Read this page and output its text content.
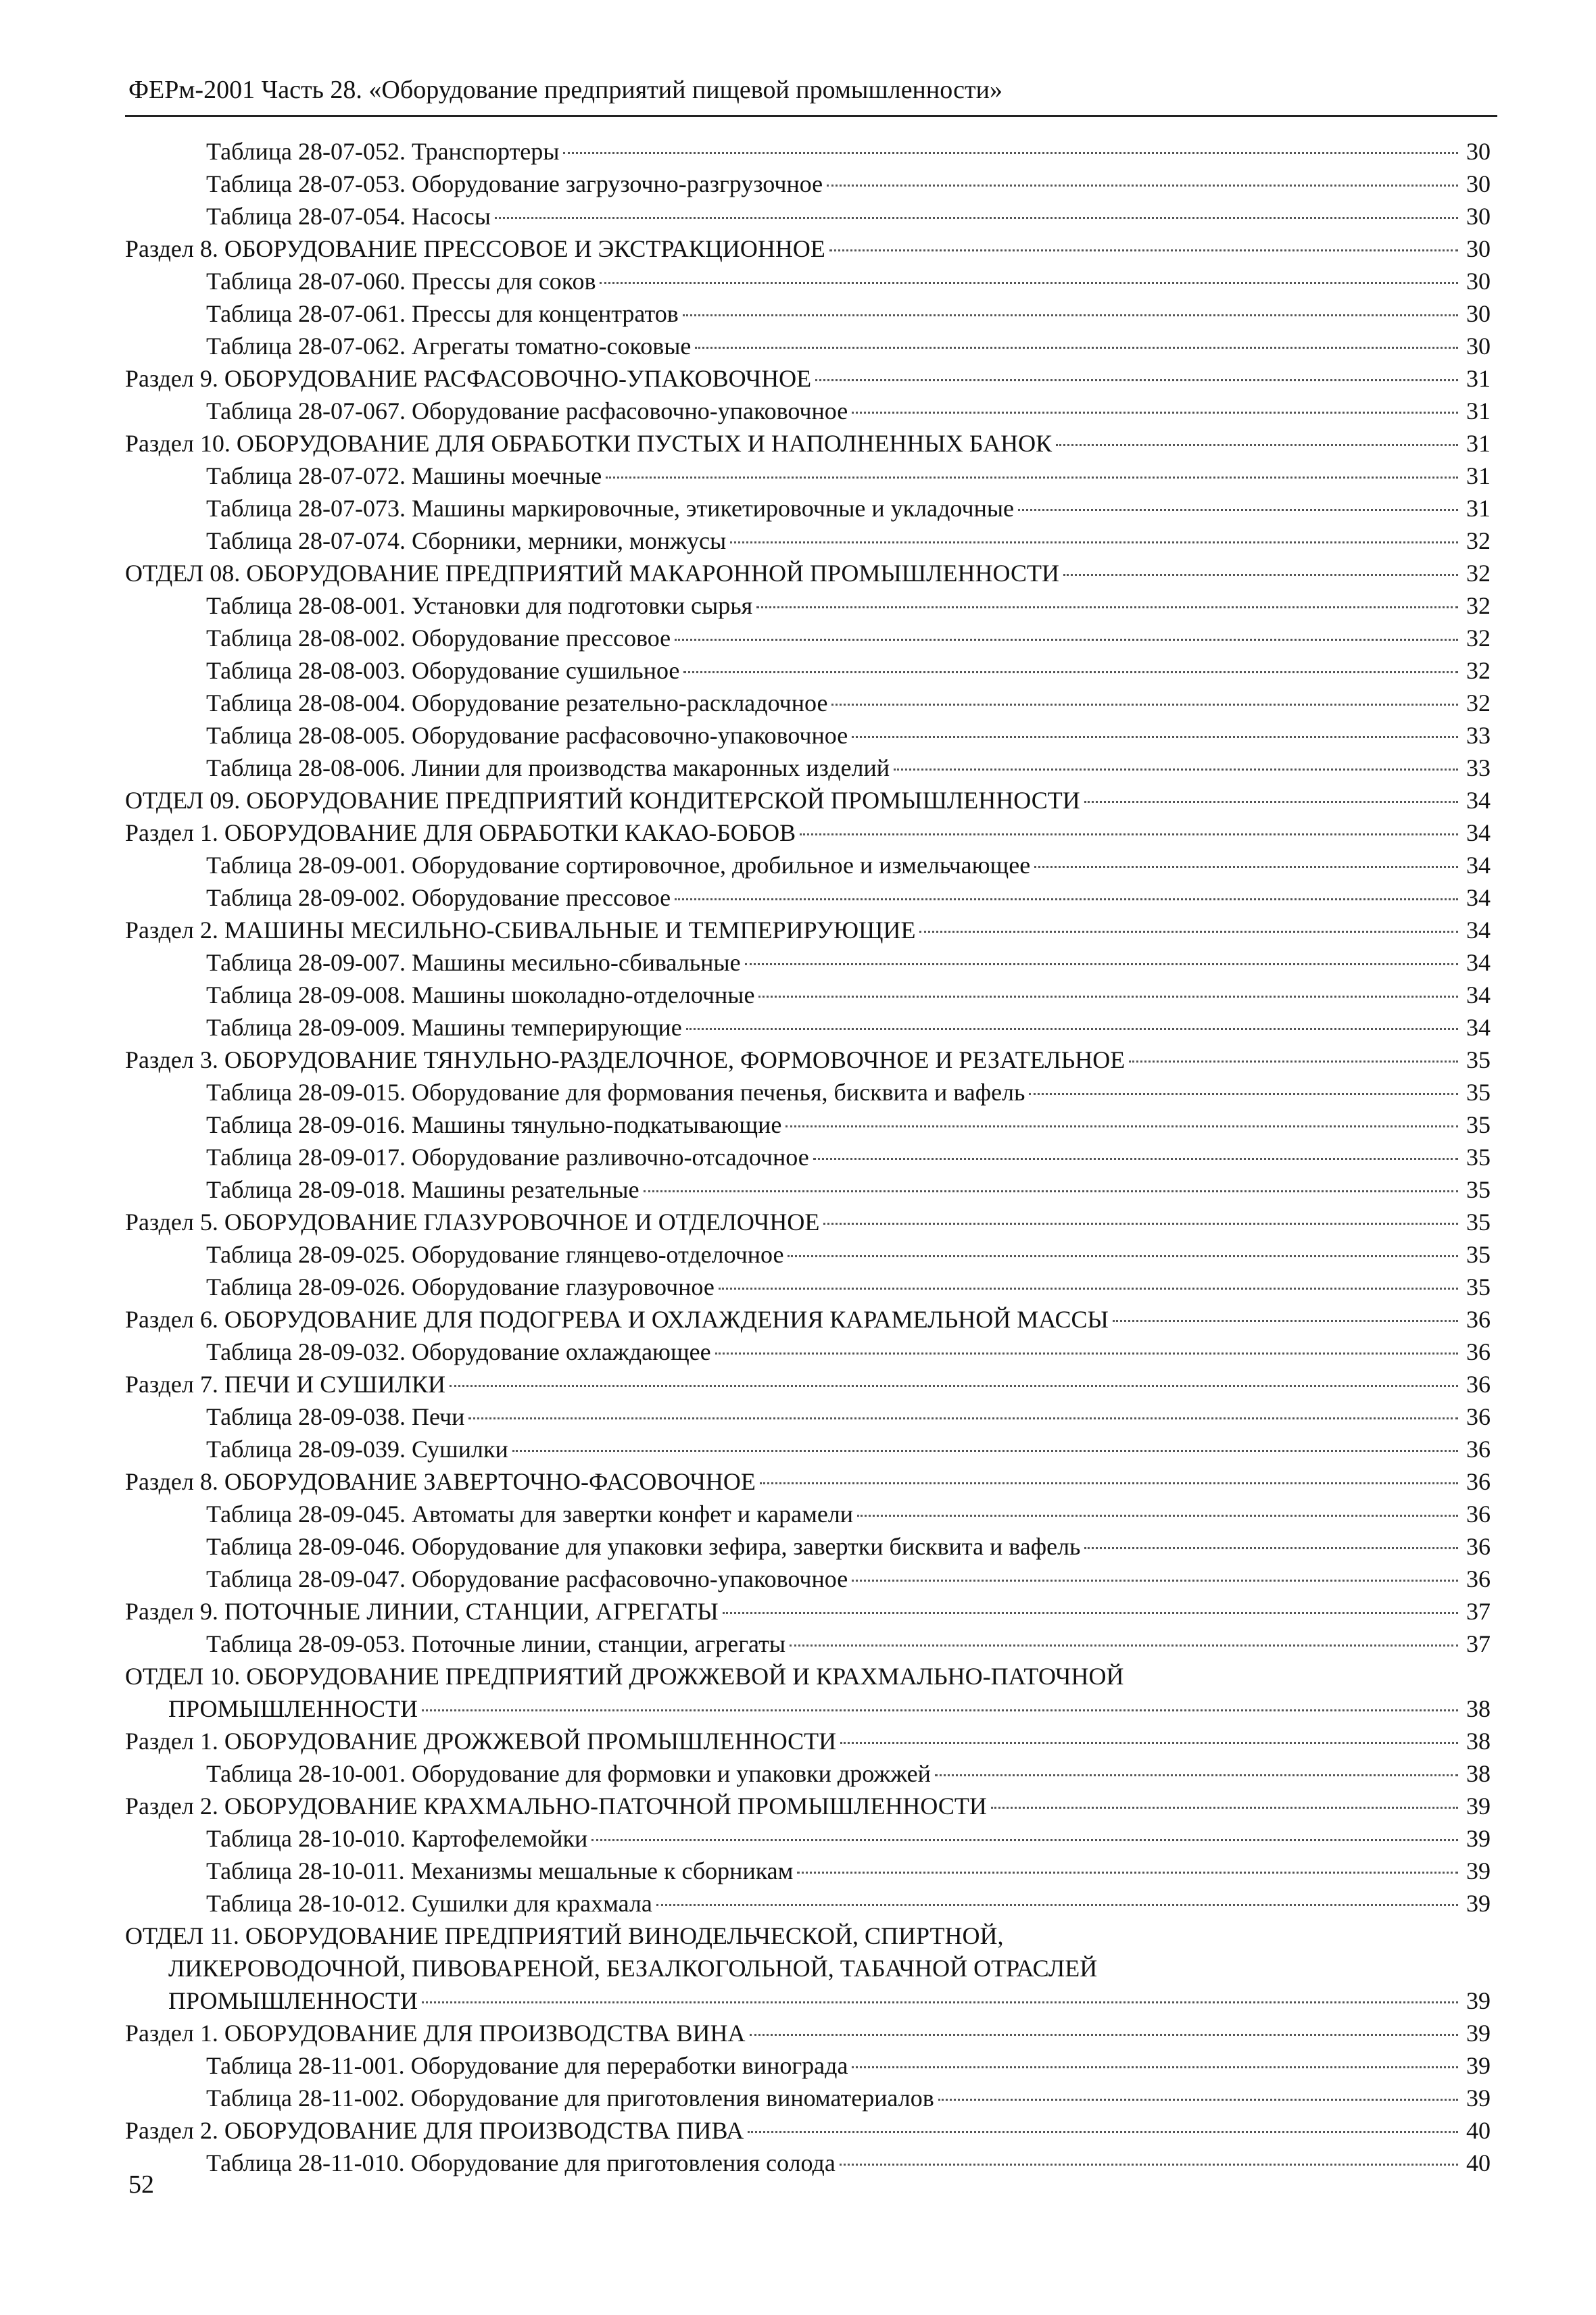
ФЕРм-2001 Часть 28. «Оборудование предприятий пищевой промышленности»
Таблица 28-07-052. Транспортеры	30
Таблица 28-07-053. Оборудование загрузочно-разгрузочное	30
Таблица 28-07-054. Насосы	30
Раздел 8. ОБОРУДОВАНИЕ ПРЕССОВОЕ И ЭКСТРАКЦИОННОЕ	30
Таблица 28-07-060. Прессы для соков	30
Таблица 28-07-061. Прессы для концентратов	30
Таблица 28-07-062. Агрегаты томатно-соковые	30
Раздел 9. ОБОРУДОВАНИЕ РАСФАСОВОЧНО-УПАКОВОЧНОЕ	31
Таблица 28-07-067. Оборудование расфасовочно-упаковочное	31
Раздел 10. ОБОРУДОВАНИЕ ДЛЯ ОБРАБОТКИ ПУСТЫХ И НАПОЛНЕННЫХ БАНОК	31
Таблица 28-07-072. Машины моечные	31
Таблица 28-07-073. Машины маркировочные, этикетировочные и укладочные	31
Таблица 28-07-074. Сборники, мерники, монжусы	32
ОТДЕЛ 08. ОБОРУДОВАНИЕ ПРЕДПРИЯТИЙ МАКАРОННОЙ ПРОМЫШЛЕННОСТИ	32
Таблица 28-08-001. Установки для подготовки сырья	32
Таблица 28-08-002. Оборудование прессовое	32
Таблица 28-08-003. Оборудование сушильное	32
Таблица 28-08-004. Оборудование резательно-раскладочное	32
Таблица 28-08-005. Оборудование расфасовочно-упаковочное	33
Таблица 28-08-006. Линии для производства макаронных изделий	33
ОТДЕЛ 09. ОБОРУДОВАНИЕ ПРЕДПРИЯТИЙ КОНДИТЕРСКОЙ ПРОМЫШЛЕННОСТИ	34
Раздел 1. ОБОРУДОВАНИЕ ДЛЯ ОБРАБОТКИ КАКАО-БОБОВ	34
Таблица 28-09-001. Оборудование сортировочное, дробильное и измельчающее	34
Таблица 28-09-002. Оборудование прессовое	34
Раздел 2. МАШИНЫ МЕСИЛЬНО-СБИВАЛЬНЫЕ И ТЕМПЕРИРУЮЩИЕ	34
Таблица 28-09-007. Машины месильно-сбивальные	34
Таблица 28-09-008. Машины шоколадно-отделочные	34
Таблица 28-09-009. Машины темперирующие	34
Раздел 3. ОБОРУДОВАНИЕ ТЯНУЛЬНО-РАЗДЕЛОЧНОЕ, ФОРМОВОЧНОЕ И РЕЗАТЕЛЬНОЕ	35
Таблица 28-09-015. Оборудование для формования печенья, бисквита и вафель	35
Таблица 28-09-016. Машины тянульно-подкатывающие	35
Таблица 28-09-017. Оборудование разливочно-отсадочное	35
Таблица 28-09-018. Машины резательные	35
Раздел 5. ОБОРУДОВАНИЕ ГЛАЗУРОВОЧНОЕ И ОТДЕЛОЧНОЕ	35
Таблица 28-09-025. Оборудование глянцево-отделочное	35
Таблица 28-09-026. Оборудование глазуровочное	35
Раздел 6. ОБОРУДОВАНИЕ ДЛЯ ПОДОГРЕВА И ОХЛАЖДЕНИЯ КАРАМЕЛЬНОЙ МАССЫ	36
Таблица 28-09-032. Оборудование охлаждающее	36
Раздел 7. ПЕЧИ И СУШИЛКИ	36
Таблица 28-09-038. Печи	36
Таблица 28-09-039. Сушилки	36
Раздел 8. ОБОРУДОВАНИЕ ЗАВЕРТОЧНО-ФАСОВОЧНОЕ	36
Таблица 28-09-045. Автоматы для завертки конфет и карамели	36
Таблица 28-09-046. Оборудование для упаковки зефира, завертки бисквита и вафель	36
Таблица 28-09-047. Оборудование расфасовочно-упаковочное	36
Раздел 9. ПОТОЧНЫЕ ЛИНИИ, СТАНЦИИ, АГРЕГАТЫ	37
Таблица 28-09-053. Поточные линии, станции, агрегаты	37
ОТДЕЛ 10. ОБОРУДОВАНИЕ ПРЕДПРИЯТИЙ ДРОЖЖЕВОЙ И КРАХМАЛЬНО-ПАТОЧНОЙ
ПРОМЫШЛЕННОСТИ	38
Раздел 1. ОБОРУДОВАНИЕ ДРОЖЖЕВОЙ ПРОМЫШЛЕННОСТИ	38
Таблица 28-10-001. Оборудование для формовки и упаковки дрожжей	38
Раздел 2. ОБОРУДОВАНИЕ КРАХМАЛЬНО-ПАТОЧНОЙ ПРОМЫШЛЕННОСТИ	39
Таблица 28-10-010. Картофелемойки	39
Таблица 28-10-011. Механизмы мешальные к сборникам	39
Таблица 28-10-012. Сушилки для крахмала	39
ОТДЕЛ 11. ОБОРУДОВАНИЕ ПРЕДПРИЯТИЙ ВИНОДЕЛЬЧЕСКОЙ, СПИРТНОЙ,
ЛИКЕРОВОДОЧНОЙ, ПИВОВАРЕНОЙ, БЕЗАЛКОГОЛЬНОЙ, ТАБАЧНОЙ ОТРАСЛЕЙ
ПРОМЫШЛЕННОСТИ	39
Раздел 1. ОБОРУДОВАНИЕ ДЛЯ ПРОИЗВОДСТВА ВИНА	39
Таблица 28-11-001. Оборудование для переработки винограда	39
Таблица 28-11-002. Оборудование для приготовления виноматериалов	39
Раздел 2. ОБОРУДОВАНИЕ ДЛЯ ПРОИЗВОДСТВА ПИВА	40
Таблица 28-11-010. Оборудование для приготовления солода	40
52
